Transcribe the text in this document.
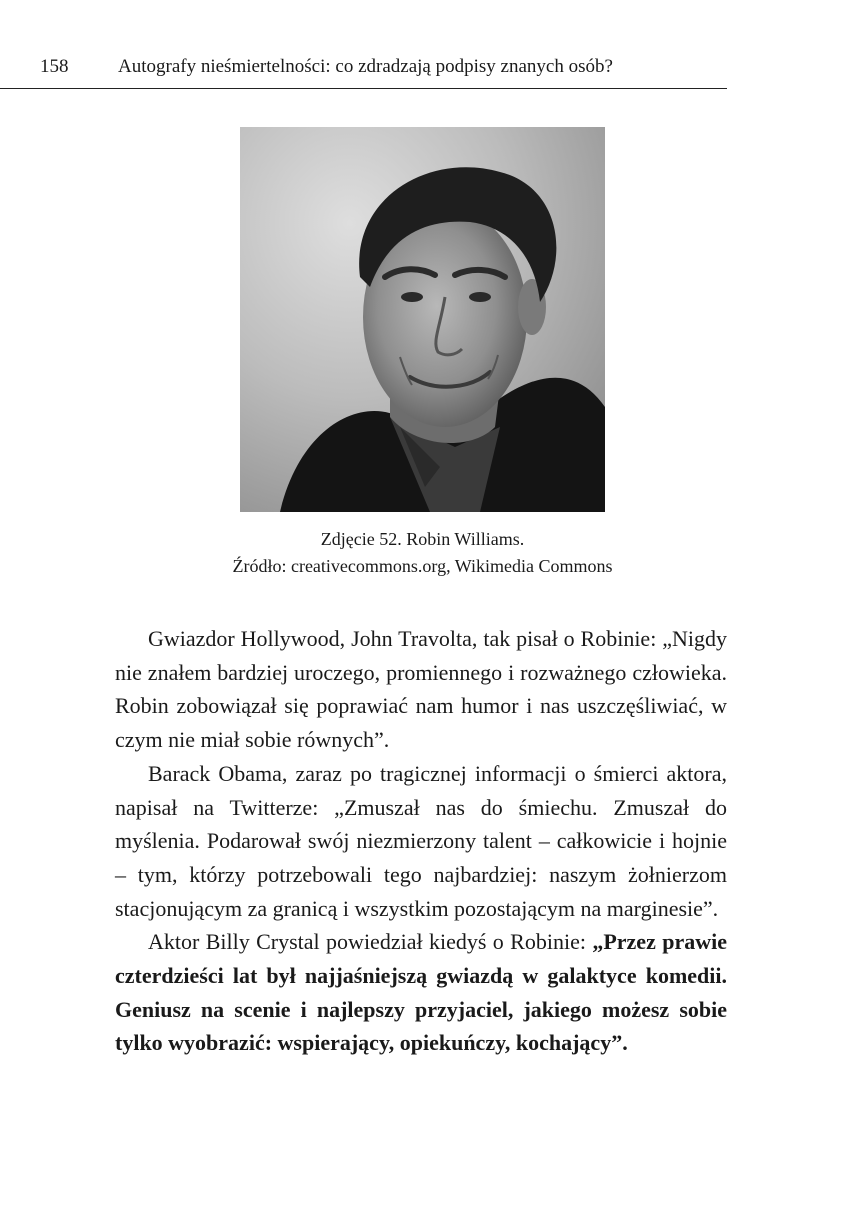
158	Autografy nieśmiertelności: co zdradzają podpisy znanych osób?
Zdjęcie 52. Robin Williams.
Źródło: creativecommons.org, Wikimedia Commons

Gwiazdor Hollywood, John Travolta, tak pisał o Robinie: „Nigdy nie znałem bardziej uroczego, promiennego i rozważnego człowieka. Robin zobowiązał się poprawiać nam humor i nas uszczęśliwiać, w czym nie miał sobie równych”.

Barack Obama, zaraz po tragicznej informacji o śmierci aktora, napisał na Twitterze: „Zmuszał nas do śmiechu. Zmuszał do myślenia. Podarował swój niezmierzony talent – całkowicie i hojnie – tym, którzy potrzebowali tego najbardziej: naszym żołnierzom stacjonującym za granicą i wszystkim pozostającym na marginesie”.

Aktor Billy Crystal powiedział kiedyś o Robinie: „Przez prawie czterdzieści lat był najjaśniejszą gwiazdą w galaktyce komedii. Geniusz na scenie i najlepszy przyjaciel, jakiego możesz sobie tylko wyobrazić: wspierający, opiekuńczy, kochający”.
